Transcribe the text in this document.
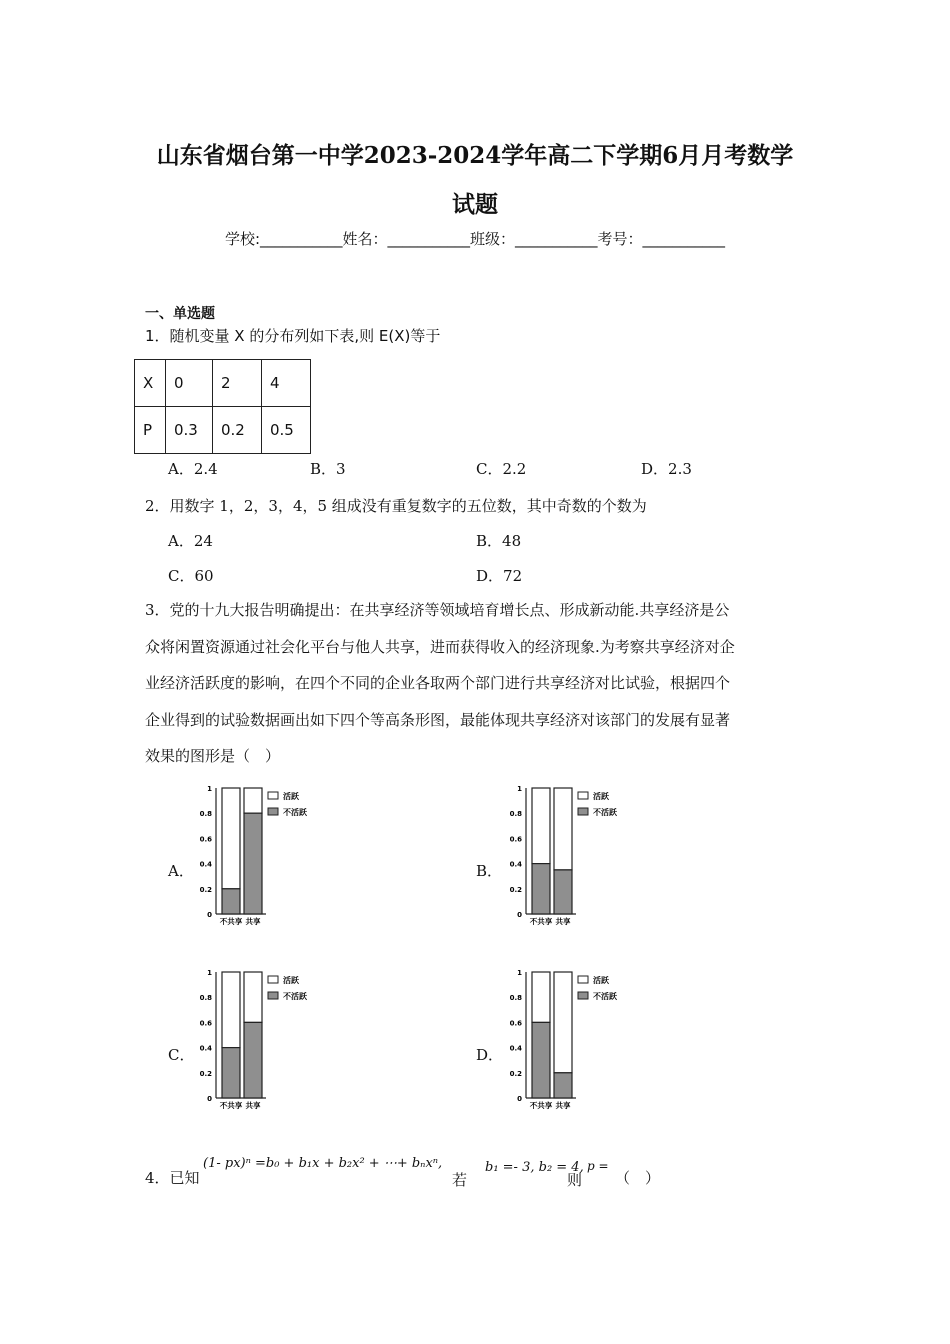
山东省烟台第一中学2023-2024学年高二下学期6月月考数学
试题
学校:___________姓名：___________班级：___________考号：___________
一、单选题
1．随机变量 X 的分布列如下表,则 E(X)等于
X	0	2	4
P	0.3	0.2	0.5
A．2.4	B．3	C．2.2	D．2.3
2．用数字 1，2，3，4，5 组成没有重复数字的五位数，其中奇数的个数为
A．24	B．48
C．60	D．72
3．党的十九大报告明确提出：在共享经济等领域培育增长点、形成新动能.共享经济是公
众将闲置资源通过社会化平台与他人共享，进而获得收入的经济现象.为考察共享经济对企
业经济活跃度的影响，在四个不同的企业各取两个部门进行共享经济对比试验，根据四个
企业得到的试验数据画出如下四个等高条形图，最能体现共享经济对该部门的发展有显著
效果的图形是（　）
A．	B．
C．	D．
0
0.2
0.4
0.6
0.8
1
不共享 共享
活跃
不活跃
0
0.2
0.4
0.6
0.8
1
不共享 共享
活跃
不活跃
0
0.2
0.4
0.6
0.8
1
不共享 共享
活跃
不活跃
0
0.2
0.4
0.6
0.8
1
不共享 共享
活跃
不活跃
4．已知
(1- px)ⁿ =b₀ + b₁x + b₂x² + ⋯+ bₙxⁿ,
若
b₁ =- 3, b₂ = 4,
则
p =
（　）
